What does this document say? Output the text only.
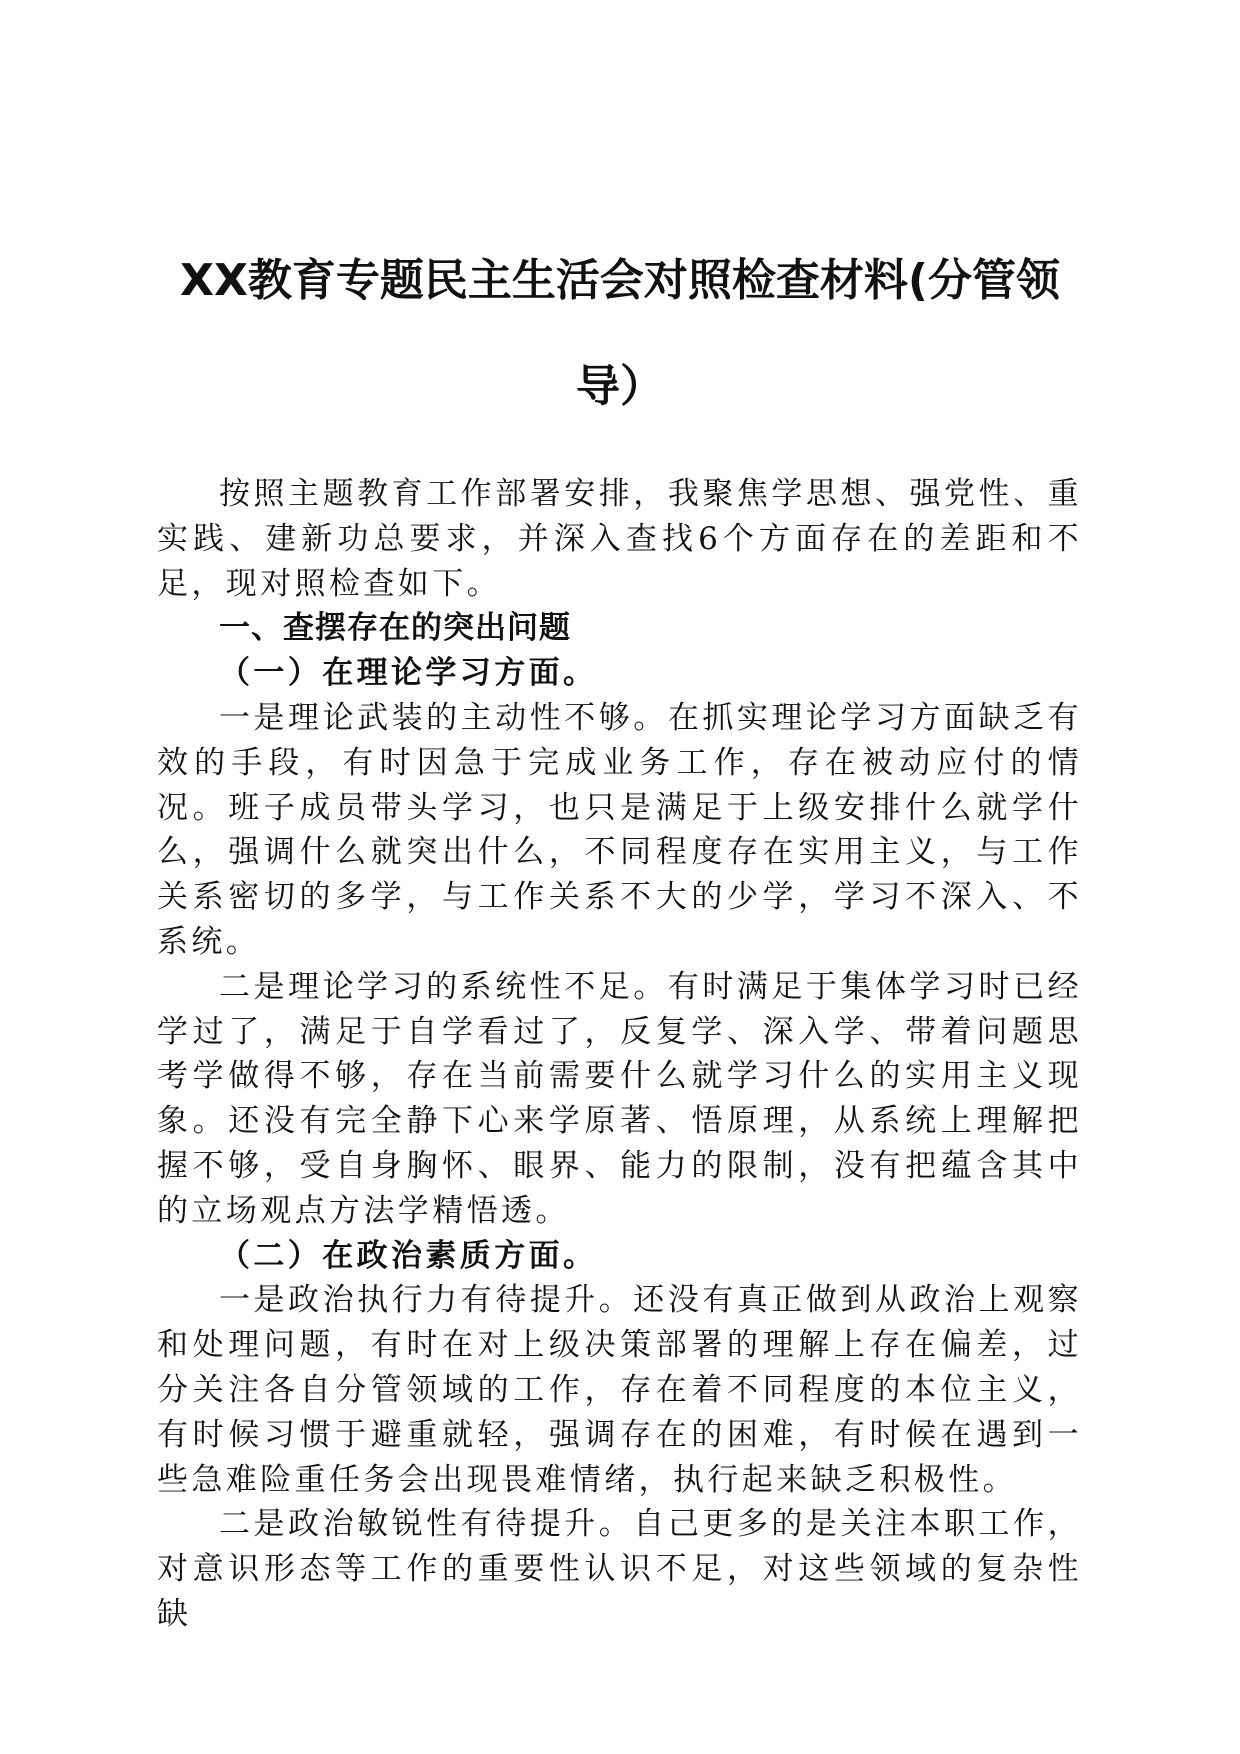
XX教育专题民主生活会对照检查材料(分管领导）

按照主题教育工作部署安排，我聚焦学思想、强党性、重实践、建新功总要求，并深入查找6个方面存在的差距和不足，现对照检查如下。

一、查摆存在的突出问题

（一）在理论学习方面。

一是理论武装的主动性不够。在抓实理论学习方面缺乏有效的手段，有时因急于完成业务工作，存在被动应付的情况。班子成员带头学习，也只是满足于上级安排什么就学什么，强调什么就突出什么，不同程度存在实用主义，与工作关系密切的多学，与工作关系不大的少学，学习不深入、不系统。

二是理论学习的系统性不足。有时满足于集体学习时已经学过了，满足于自学看过了，反复学、深入学、带着问题思考学做得不够，存在当前需要什么就学习什么的实用主义现象。还没有完全静下心来学原著、悟原理，从系统上理解把握不够，受自身胸怀、眼界、能力的限制，没有把蕴含其中的立场观点方法学精悟透。

（二）在政治素质方面。

一是政治执行力有待提升。还没有真正做到从政治上观察和处理问题，有时在对上级决策部署的理解上存在偏差，过分关注各自分管领域的工作，存在着不同程度的本位主义，有时候习惯于避重就轻，强调存在的困难，有时候在遇到一些急难险重任务会出现畏难情绪，执行起来缺乏积极性。

二是政治敏锐性有待提升。自己更多的是关注本职工作，对意识形态等工作的重要性认识不足，对这些领域的复杂性缺
